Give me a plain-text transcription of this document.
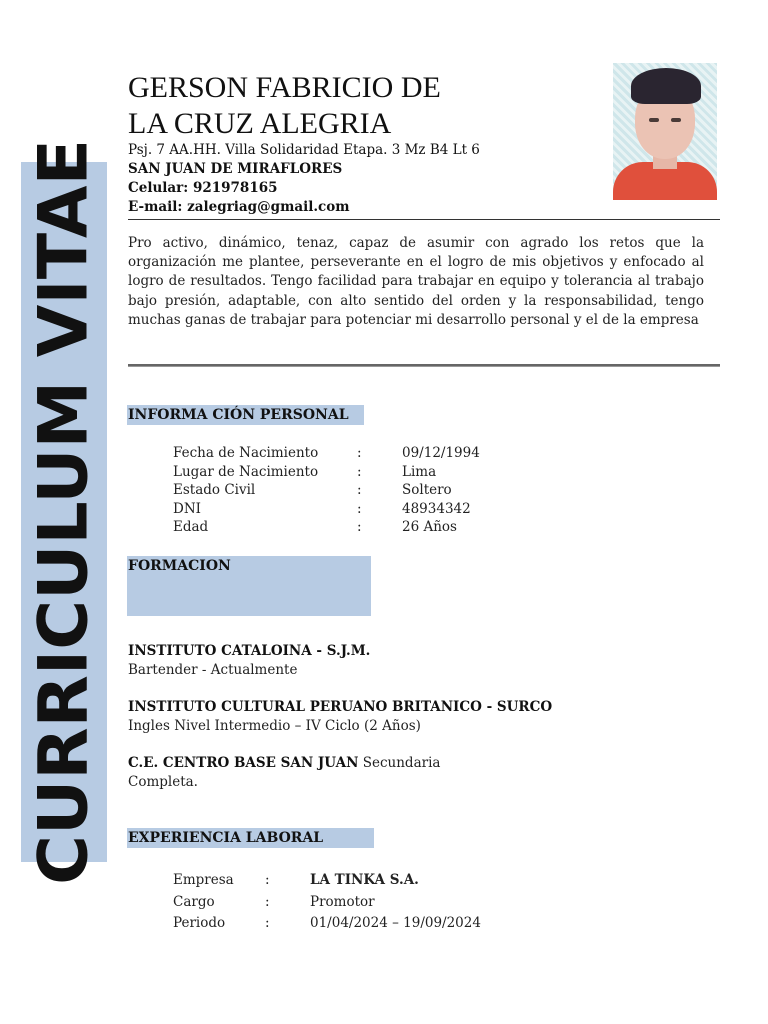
CURRICULUM VITAE
GERSON FABRICIO DE
LA CRUZ ALEGRIA
Psj. 7 AA.HH. Villa Solidaridad Etapa. 3 Mz B4 Lt 6
SAN JUAN DE MIRAFLORES
Celular: 921978165
E-mail: zalegriag@gmail.com
Pro activo, dinámico, tenaz, capaz de asumir con agrado los retos que la organización me plantee, perseverante en el logro de mis objetivos y enfocado al logro de resultados. Tengo facilidad para trabajar en equipo y tolerancia al trabajo bajo presión, adaptable, con alto sentido del orden y la responsabilidad, tengo muchas ganas de trabajar para potenciar mi desarrollo personal y el de la empresa
INFORMA CIÓN PERSONAL
Fecha de Nacimiento	:	09/12/1994
Lugar de Nacimiento	:	Lima
Estado Civil	:	Soltero
DNI	:	48934342
Edad	:	26 Años
FORMACION
INSTITUTO CATALOINA - S.J.M.
Bartender - Actualmente
INSTITUTO CULTURAL PERUANO BRITANICO - SURCO
Ingles Nivel Intermedio – IV Ciclo (2 Años)
C.E. CENTRO BASE SAN JUAN Secundaria
Completa.
EXPERIENCIA LABORAL
Empresa	:	LA TINKA S.A.
Cargo	:	Promotor
Periodo	:	01/04/2024 – 19/09/2024
